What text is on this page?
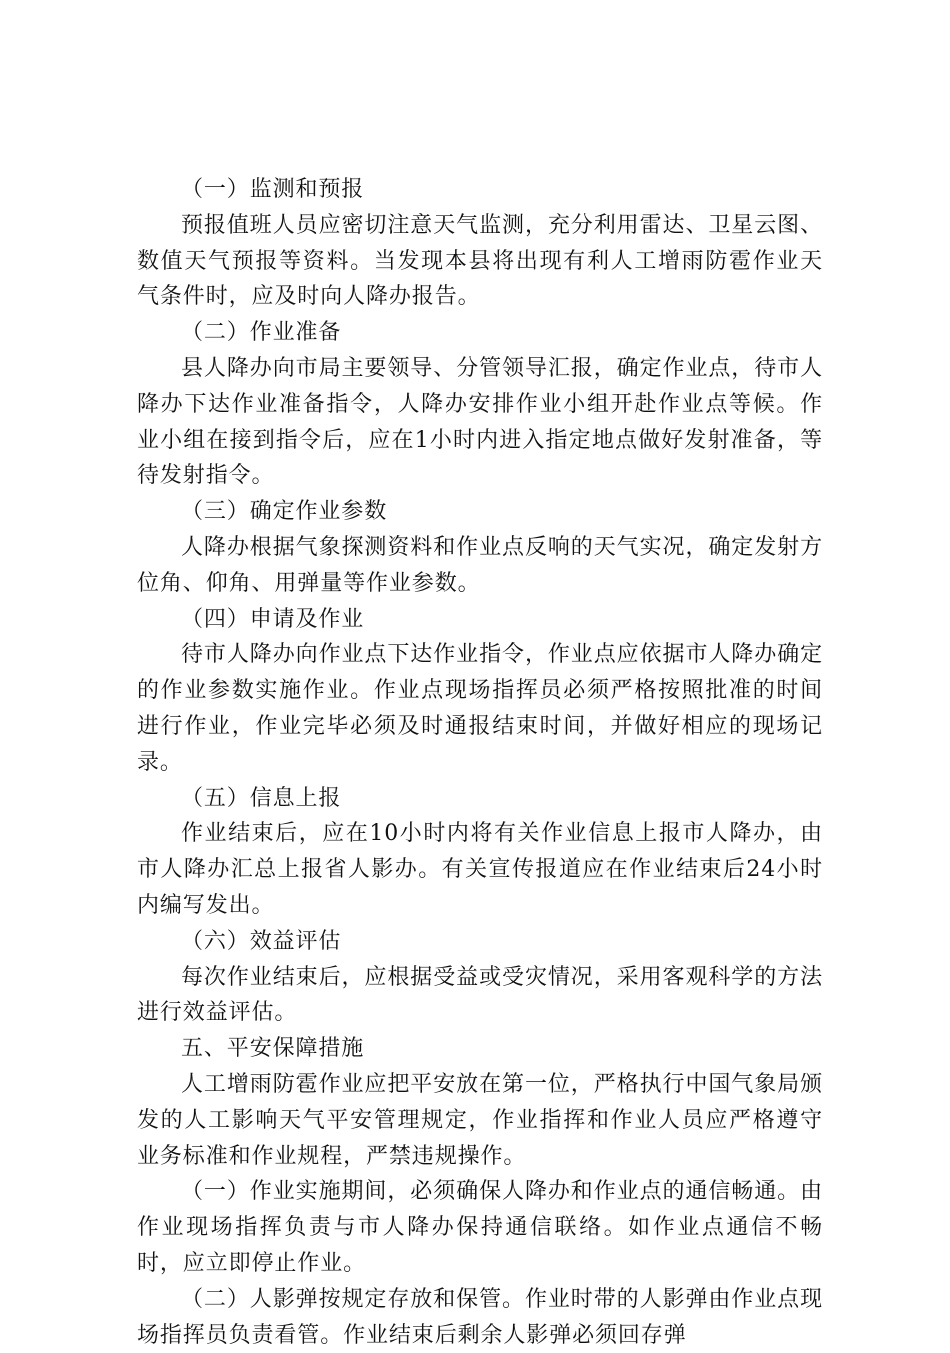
（一）监测和预报

预报值班人员应密切注意天气监测，充分利用雷达、卫星云图、数值天气预报等资料。当发现本县将出现有利人工增雨防雹作业天气条件时，应及时向人降办报告。

（二）作业准备

县人降办向市局主要领导、分管领导汇报，确定作业点，待市人降办下达作业准备指令，人降办安排作业小组开赴作业点等候。作业小组在接到指令后，应在1小时内进入指定地点做好发射准备，等待发射指令。

（三）确定作业参数

人降办根据气象探测资料和作业点反响的天气实况，确定发射方位角、仰角、用弹量等作业参数。

（四）申请及作业

待市人降办向作业点下达作业指令，作业点应依据市人降办确定的作业参数实施作业。作业点现场指挥员必须严格按照批准的时间进行作业，作业完毕必须及时通报结束时间，并做好相应的现场记录。

（五）信息上报

作业结束后，应在10小时内将有关作业信息上报市人降办，由市人降办汇总上报省人影办。有关宣传报道应在作业结束后24小时内编写发出。

（六）效益评估

每次作业结束后，应根据受益或受灾情况，采用客观科学的方法进行效益评估。

五、平安保障措施

人工增雨防雹作业应把平安放在第一位，严格执行中国气象局颁发的人工影响天气平安管理规定，作业指挥和作业人员应严格遵守业务标准和作业规程，严禁违规操作。

（一）作业实施期间，必须确保人降办和作业点的通信畅通。由作业现场指挥负责与市人降办保持通信联络。如作业点通信不畅时，应立即停止作业。

（二）人影弹按规定存放和保管。作业时带的人影弹由作业点现场指挥员负责看管。作业结束后剩余人影弹必须回存弹
